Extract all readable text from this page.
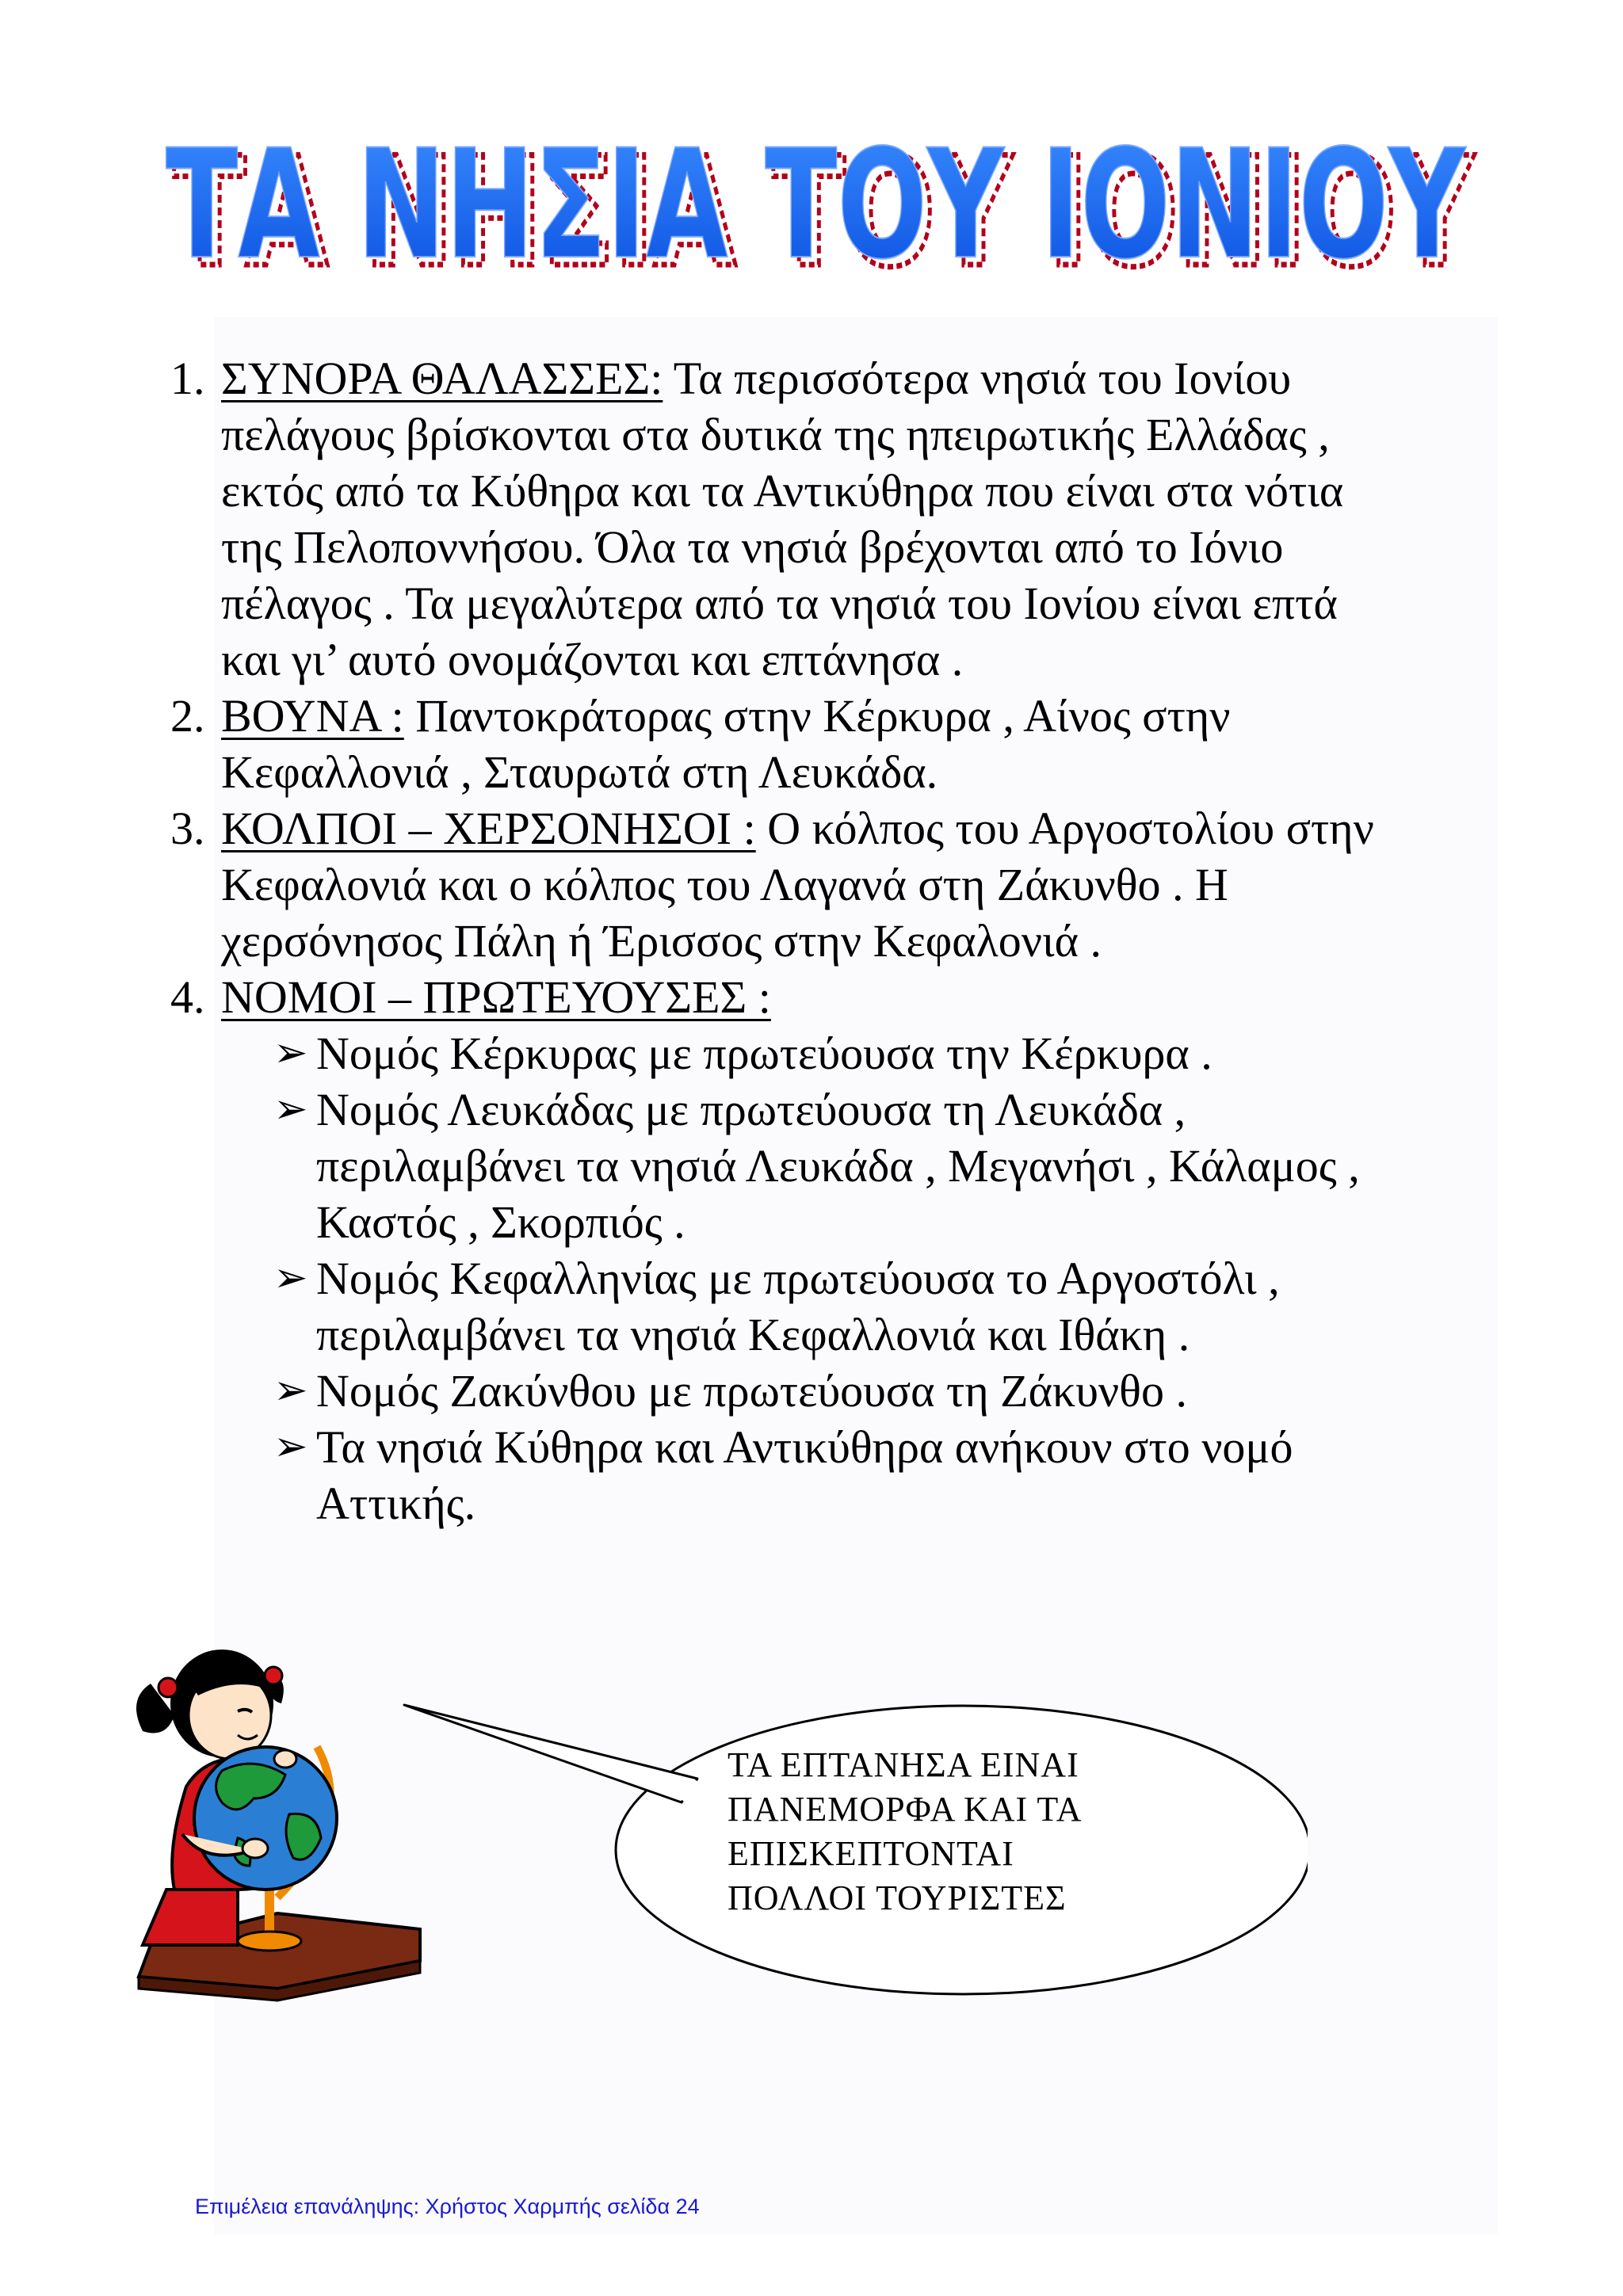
ΤΑ ΝΗΣΙΑ ΤΟΥ ΙΟΝΙΟΥ
ΤΑ ΝΗΣΙΑ ΤΟΥ ΙΟΝΙΟΥ
1. ΣΥΝΟΡΑ ΘΑΛΑΣΣΕΣ: Τα περισσότερα νησιά του Ιονίου
πελάγους βρίσκονται στα δυτικά της ηπειρωτικής Ελλάδας ,
εκτός από τα Κύθηρα και τα Αντικύθηρα που είναι στα νότια
της Πελοποννήσου. Όλα τα νησιά βρέχονται από το Ιόνιο
πέλαγος . Τα μεγαλύτερα από τα νησιά του Ιονίου είναι επτά
και γι’ αυτό ονομάζονται και επτάνησα .
2. ΒΟΥΝΑ : Παντοκράτορας στην Κέρκυρα , Αίνος στην
Κεφαλλονιά , Σταυρωτά στη Λευκάδα.
3. ΚΟΛΠΟΙ – ΧΕΡΣΟΝΗΣΟΙ : Ο κόλπος του Αργοστολίου στην
Κεφαλονιά και ο κόλπος του Λαγανά στη Ζάκυνθο . Η
χερσόνησος Πάλη ή Έρισσος στην Κεφαλονιά .
4. ΝΟΜΟΙ – ΠΡΩΤΕΥΟΥΣΕΣ :
➢ Νομός Κέρκυρας με πρωτεύουσα την Κέρκυρα .
➢ Νομός Λευκάδας με πρωτεύουσα τη Λευκάδα ,
περιλαμβάνει τα νησιά Λευκάδα , Μεγανήσι , Κάλαμος ,
Καστός , Σκορπιός .
➢ Νομός Κεφαλληνίας με πρωτεύουσα το Αργοστόλι ,
περιλαμβάνει τα νησιά Κεφαλλονιά και Ιθάκη .
➢ Νομός Ζακύνθου με πρωτεύουσα τη Ζάκυνθο .
➢ Τα νησιά Κύθηρα και Αντικύθηρα ανήκουν στο νομό
Αττικής.
ΤΑ ΕΠΤΑΝΗΣΑ ΕΙΝΑΙ
ΠΑΝΕΜΟΡΦΑ ΚΑΙ ΤΑ
ΕΠΙΣΚΕΠΤΟΝΤΑΙ
ΠΟΛΛΟΙ ΤΟΥΡΙΣΤΕΣ
Επιμέλεια επανάληψης: Χρήστος Χαρμπής σελίδα 24
